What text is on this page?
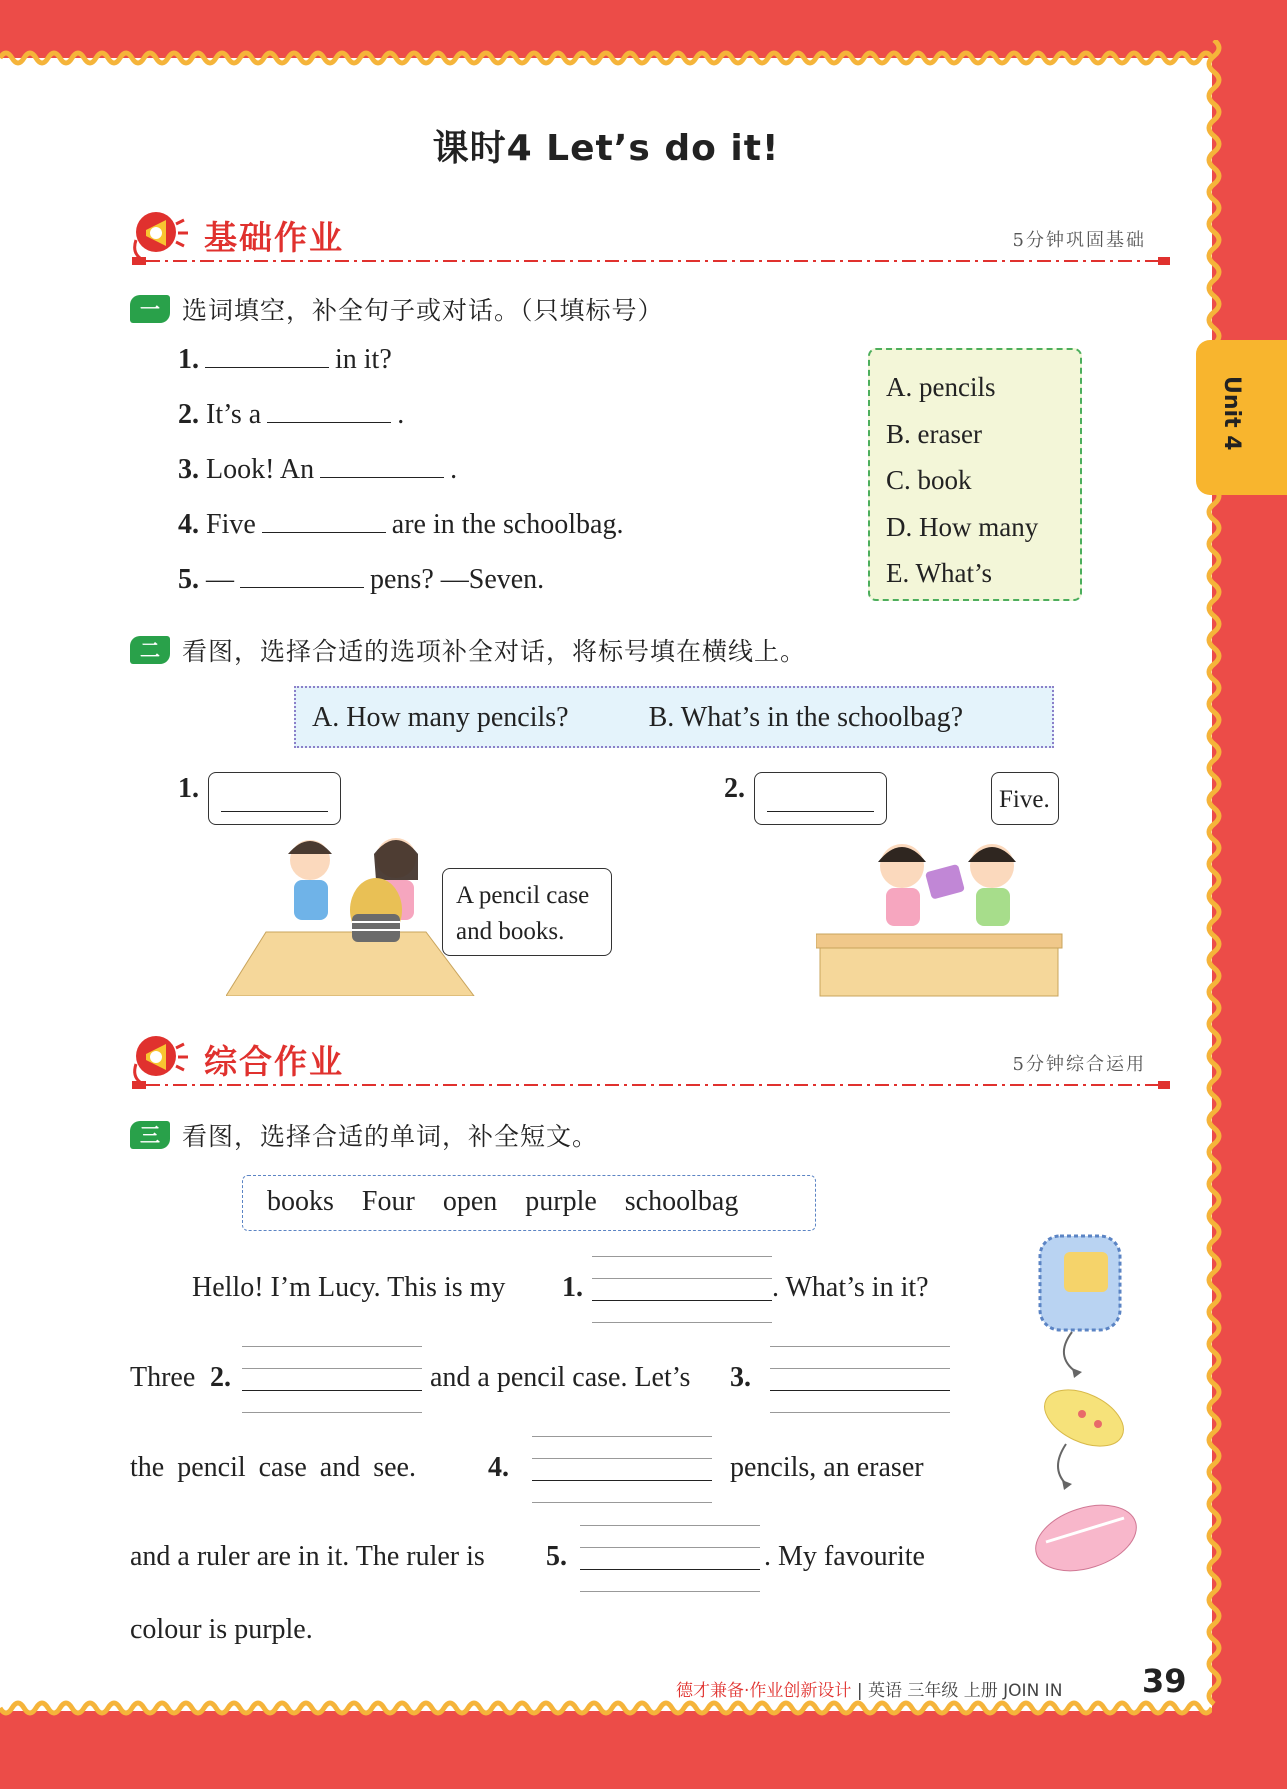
Unit 4
课时4 Let’s do it!
基础作业	5分钟巩固基础
一 选词填空，补全句子或对话。（只填标号）
1.	in it?
2. It’s a	.
3. Look! An	.
4. Five	are in the schoolbag.
5. —	pens? —Seven.
A. pencils
B. eraser
C. book
D. How many
E. What’s
二 看图，选择合适的选项补全对话，将标号填在横线上。
A. How many pencils?	B. What’s in the schoolbag?
1.
A pencil case
and books.
2.	Five.
综合作业	5分钟综合运用
三 看图，选择合适的单词，补全短文。
books Four open purple schoolbag
Hello! I’m Lucy. This is my	1.	. What’s in it?
Three 2.	and a pencil case. Let’s 3.
the pencil case and see.	4.	pencils, an eraser
and a ruler are in it. The ruler is 5.	. My favourite
colour is purple.
德才兼备·作业创新设计 | 英语 三年级 上册 JOIN IN 39
